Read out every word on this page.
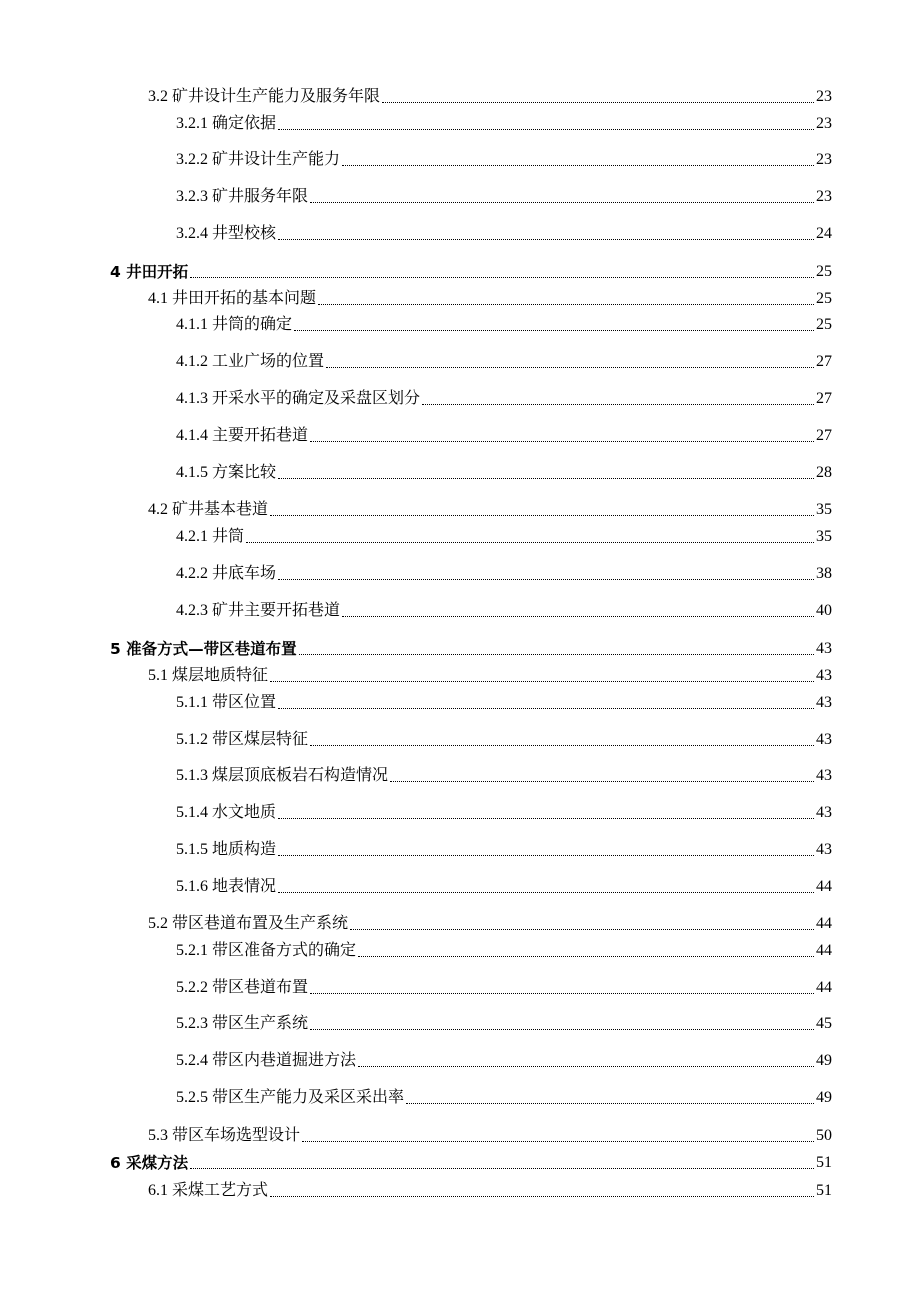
3.2 矿井设计生产能力及服务年限	23
3.2.1 确定依据	23
3.2.2 矿井设计生产能力	23
3.2.3 矿井服务年限	23
3.2.4 井型校核	24
4 井田开拓	25
4.1 井田开拓的基本问题	25
4.1.1 井筒的确定	25
4.1.2 工业广场的位置	27
4.1.3 开采水平的确定及采盘区划分	27
4.1.4 主要开拓巷道	27
4.1.5 方案比较	28
4.2 矿井基本巷道	35
4.2.1 井筒	35
4.2.2 井底车场	38
4.2.3 矿井主要开拓巷道	40
5 准备方式—带区巷道布置	43
5.1 煤层地质特征	43
5.1.1 带区位置	43
5.1.2 带区煤层特征	43
5.1.3 煤层顶底板岩石构造情况	43
5.1.4 水文地质	43
5.1.5 地质构造	43
5.1.6 地表情况	44
5.2 带区巷道布置及生产系统	44
5.2.1 带区准备方式的确定	44
5.2.2 带区巷道布置	44
5.2.3 带区生产系统	45
5.2.4 带区内巷道掘进方法	49
5.2.5 带区生产能力及采区采出率	49
5.3 带区车场选型设计	50
6 采煤方法	51
6.1 采煤工艺方式	51
